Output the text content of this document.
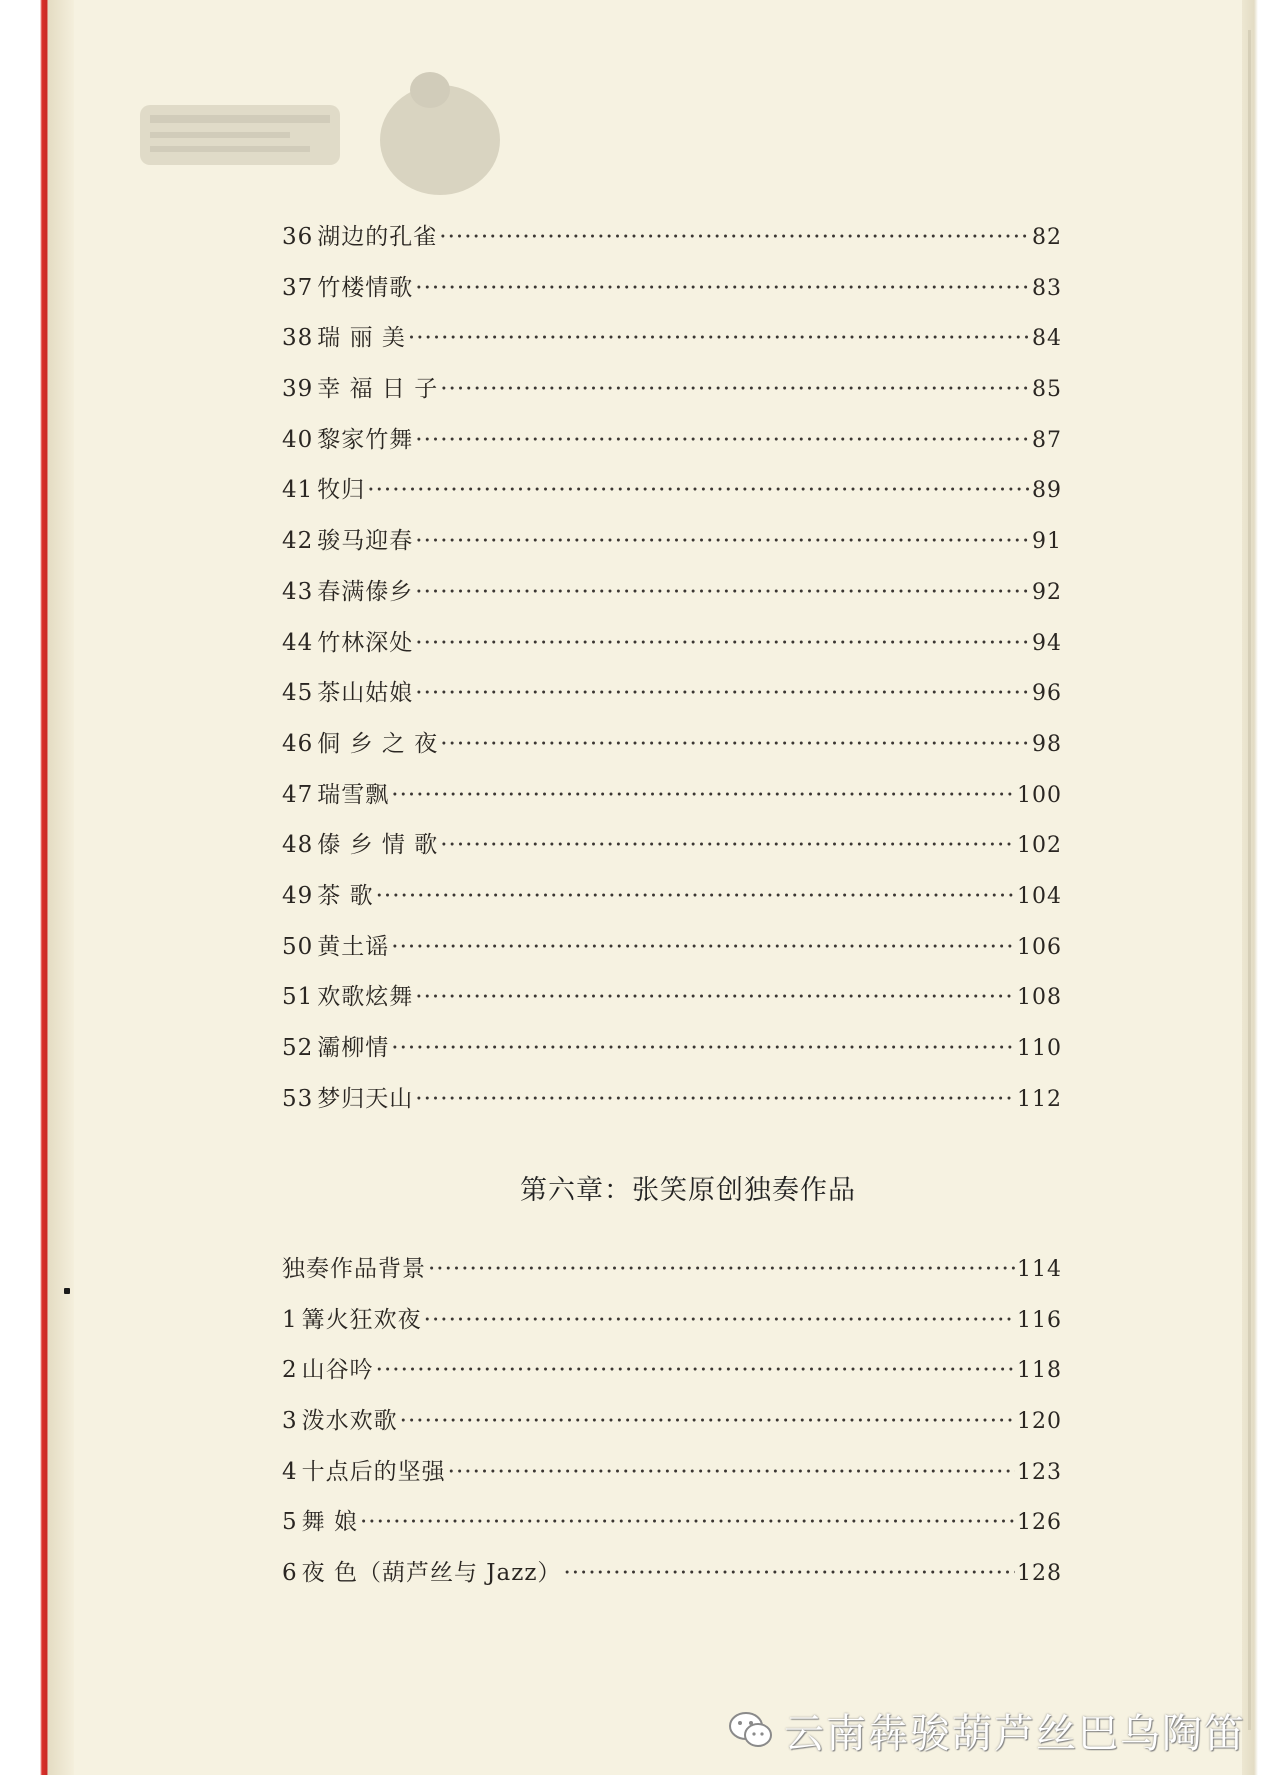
36 湖边的孔雀 ·····	82
37 竹楼情歌 ·····	83
38 瑞 丽 美 ·····	84
39 幸 福 日 子 ·····	85
40 黎家竹舞 ·····	87
41 牧归 ·····	89
42 骏马迎春 ·····	91
43 春满傣乡 ·····	92
44 竹林深处 ·····	94
45 茶山姑娘 ·····	96
46 侗 乡 之 夜 ·····	98
47 瑞雪飘 ·····	100
48 傣 乡 情 歌 ·····	102
49 茶 歌 ·····	104
50 黄土谣 ·····	106
51 欢歌炫舞 ·····	108
52 灞柳情 ·····	110
53 梦归天山 ·····	112
第六章：张笑原创独奏作品
独奏作品背景 ·····	114
1 篝火狂欢夜 ·····	116
2 山谷吟 ·····	118
3 泼水欢歌 ·····	120
4 十点后的坚强 ·····	123
5 舞 娘 ·····	126
6 夜 色（葫芦丝与 Jazz） ·····	128
云南犇骏葫芦丝巴乌陶笛
